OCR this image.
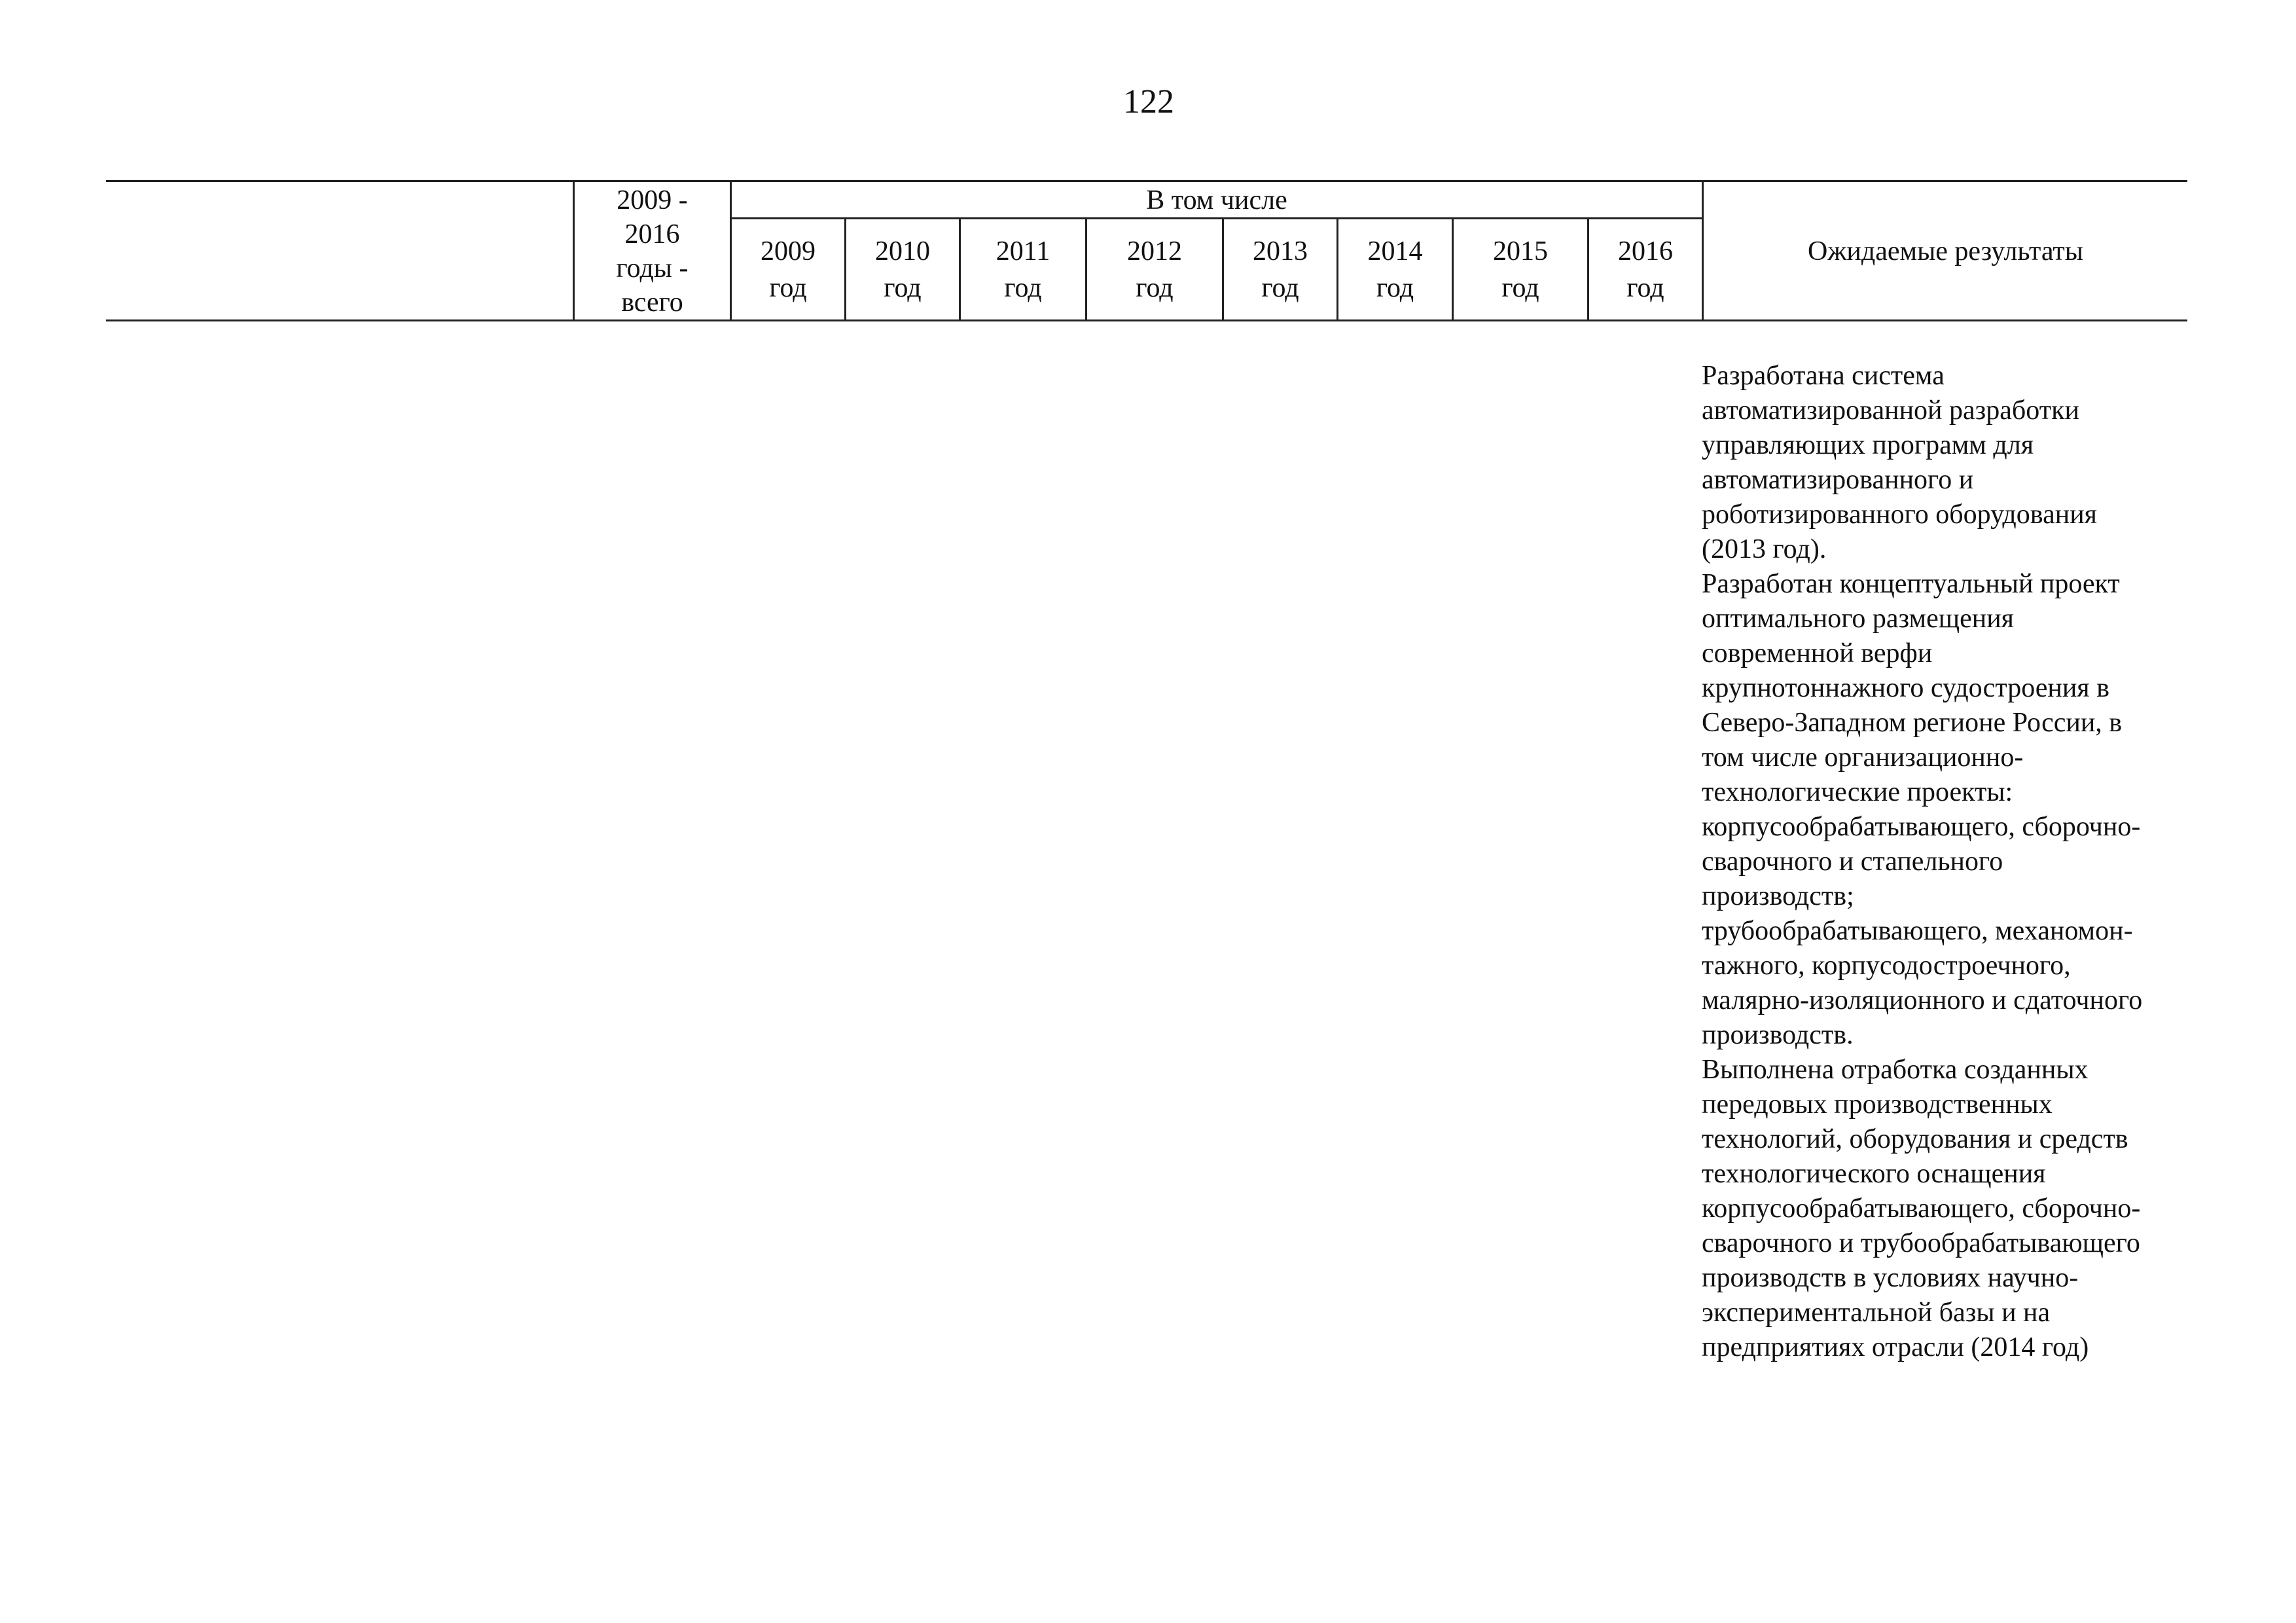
122
2009 -
2016
годы -
всего
В том числе
2009
год
2010
год
2011
год
2012
год
2013
год
2014
год
2015
год
2016
год
Ожидаемые результаты

Разработана система

автоматизированной разработки

управляющих программ для

автоматизированного и

роботизированного оборудования

(2013 год).

Разработан концептуальный проект

оптимального размещения

современной верфи

крупнотоннажного судостроения в

Северо-Западном регионе России, в

том числе организационно-

технологические проекты:

корпусообрабатывающего, сборочно-

сварочного и стапельного

производств;

трубообрабатывающего, механомон-

тажного, корпусодостроечного,

малярно-изоляционного и сдаточного

производств.

Выполнена отработка созданных

передовых производственных

технологий, оборудования и средств

технологического оснащения

корпусообрабатывающего, сборочно-

сварочного и трубообрабатывающего

производств в условиях научно-

экспериментальной базы и на

предприятиях отрасли (2014 год)
